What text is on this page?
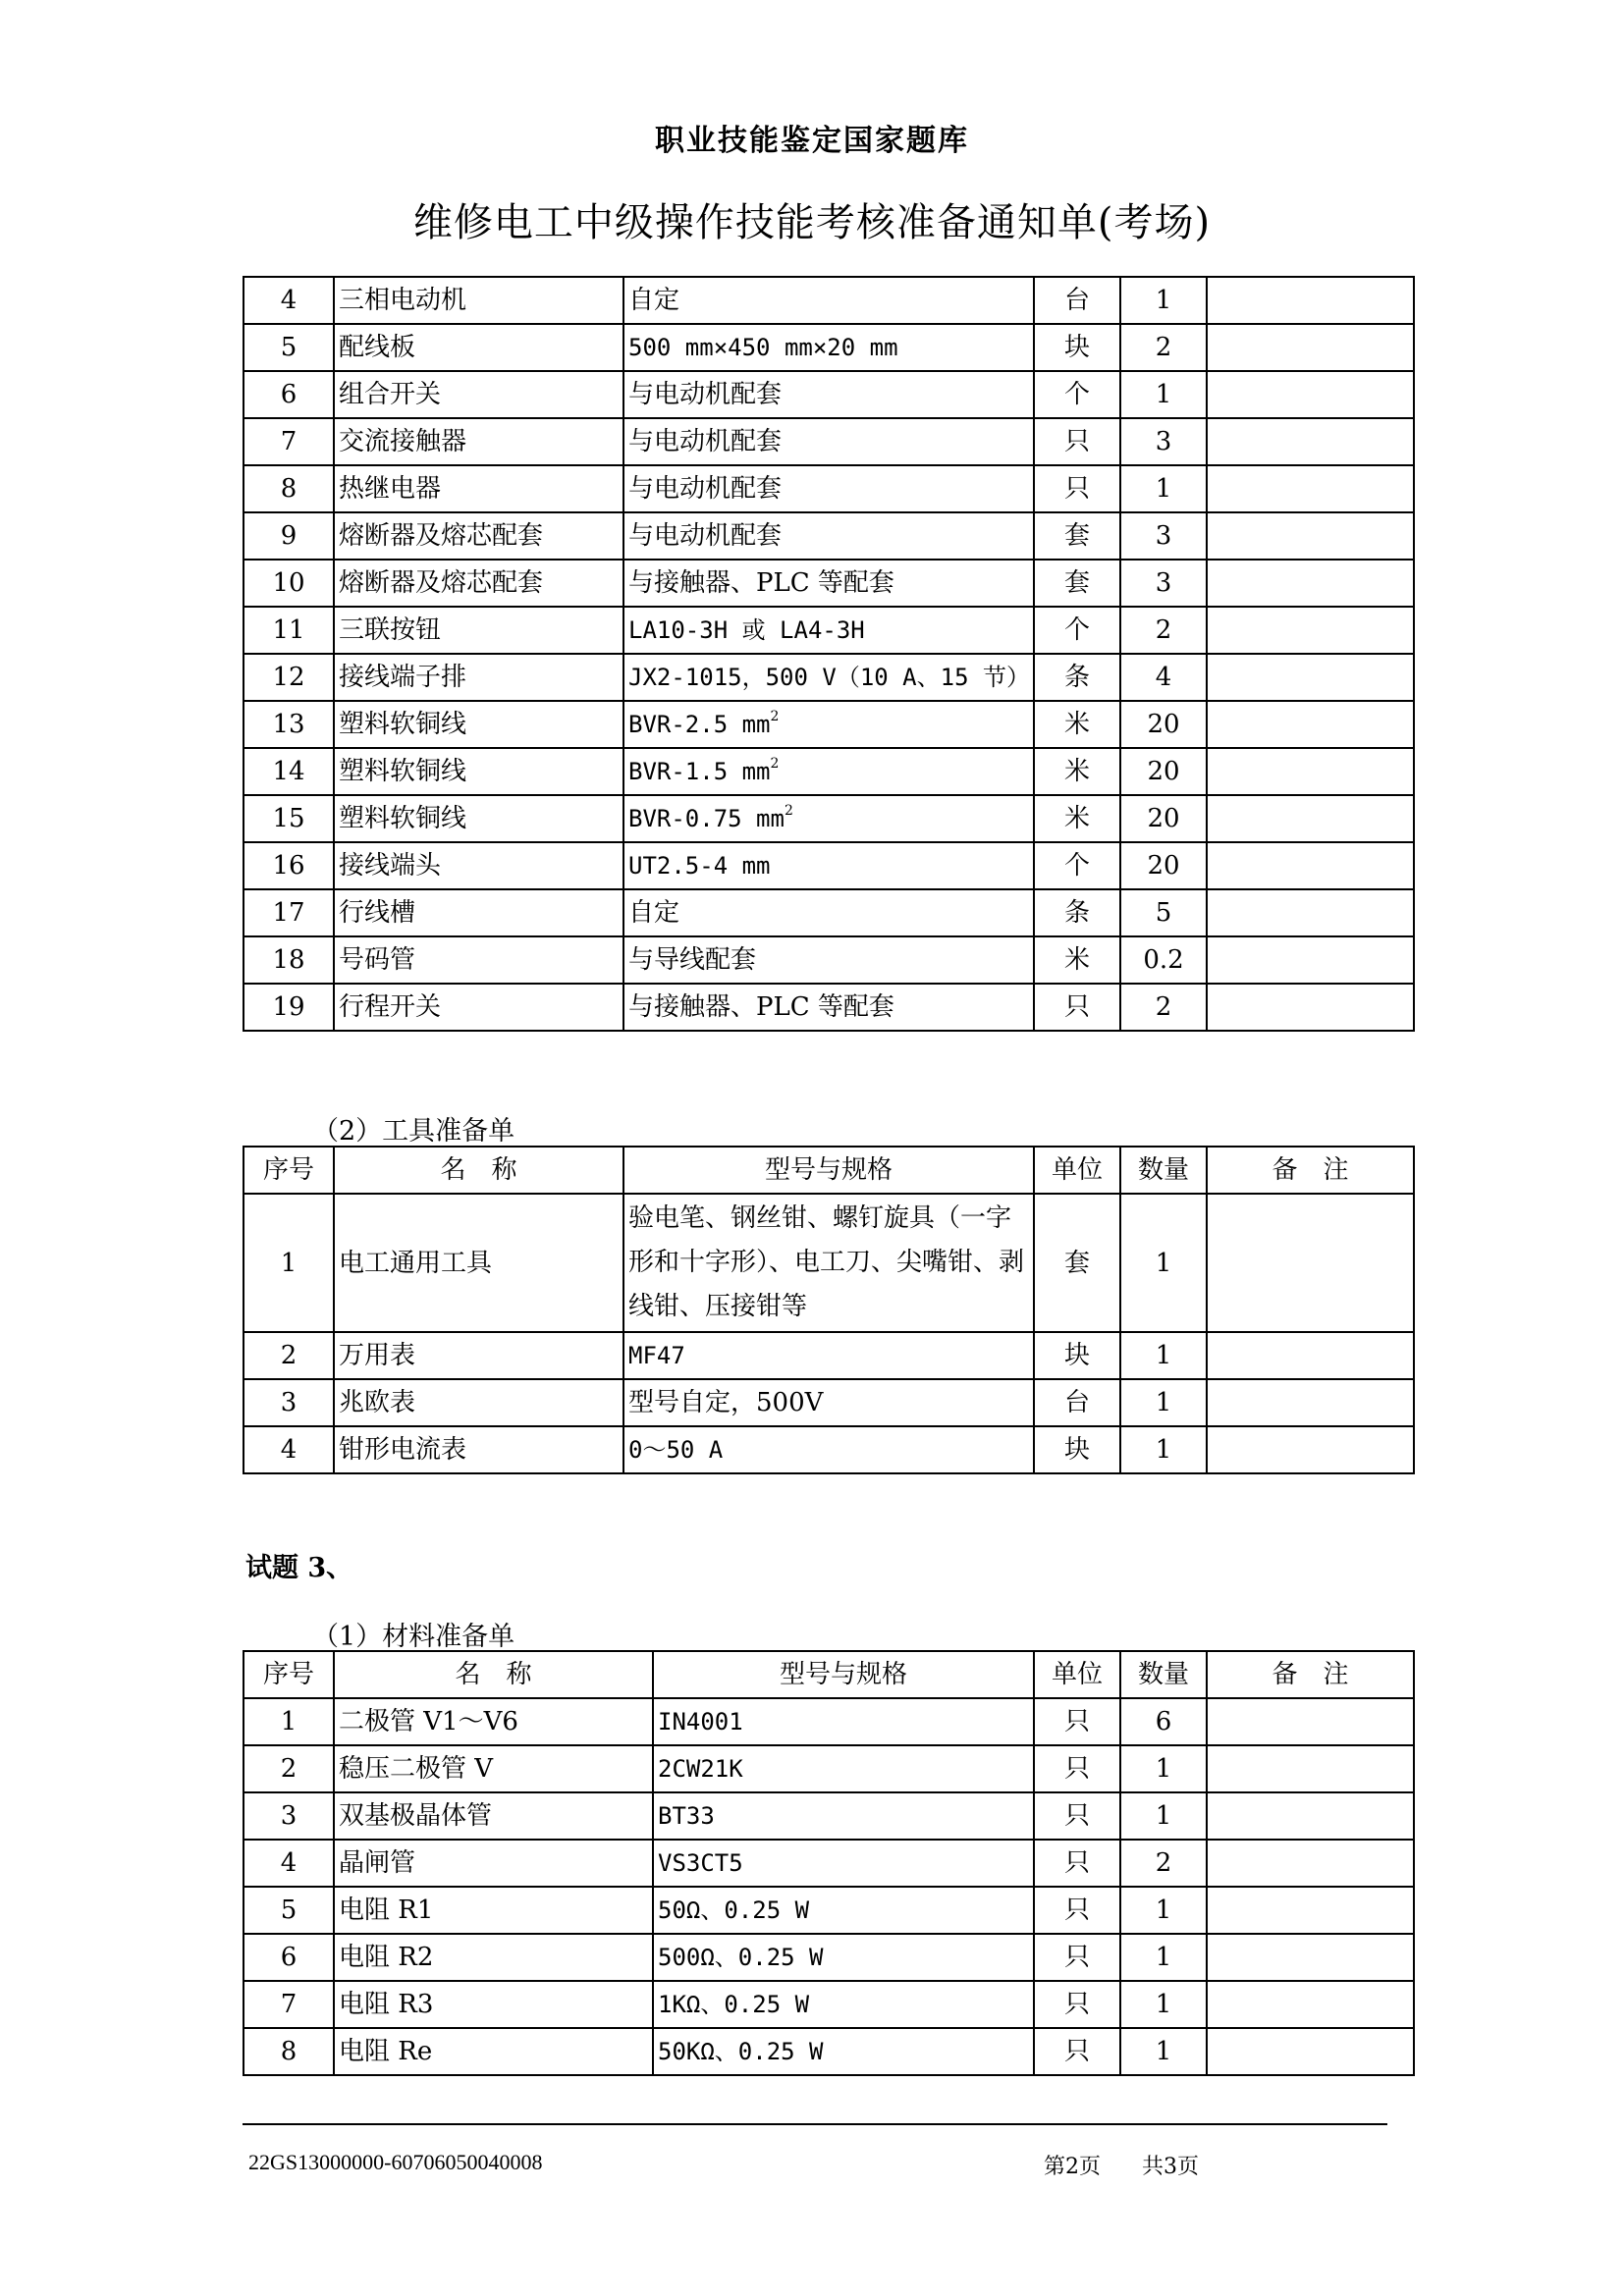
职业技能鉴定国家题库
维修电工中级操作技能考核准备通知单(考场)
4	三相电动机	自定	台	1	
5	配线板	500 mm×450 mm×20 mm	块	2	
6	组合开关	与电动机配套	个	1	
7	交流接触器	与电动机配套	只	3	
8	热继电器	与电动机配套	只	1	
9	熔断器及熔芯配套	与电动机配套	套	3	
10	熔断器及熔芯配套	与接触器、PLC 等配套	套	3	
11	三联按钮	LA10-3H 或 LA4-3H	个	2	
12	接线端子排	JX2-1015，500 V（10 A、15 节）	条	4	
13	塑料软铜线	BVR-2.5 $mm^2$	米	20	
14	塑料软铜线	BVR-1.5 $mm^2$	米	20	
15	塑料软铜线	BVR-0.75 $mm^2$	米	20	
16	接线端头	UT2.5-4 mm	个	20	
17	行线槽	自定	条	5	
18	号码管	与导线配套	米	0.2	
19	行程开关	与接触器、PLC 等配套	只	2	
（2）工具准备单
序号	名　称	型号与规格	单位	数量	备　注
1	电工通用工具	验电笔、钢丝钳、螺钉旋具（一字形和十字形）、电工刀、尖嘴钳、剥线钳、压接钳等	套	1	
2	万用表	MF47	块	1	
3	兆欧表	型号自定，500V	台	1	
4	钳形电流表	0～50 A	块	1	
试题 3、
（1）材料准备单
序号	名　称	型号与规格	单位	数量	备　注
1	二极管 V1～V6	IN4001	只	6	
2	稳压二极管 V	2CW21K	只	1	
3	双基极晶体管	BT33	只	1	
4	晶闸管	VS3CT5	只	2	
5	电阻 R1	50Ω、0.25 W	只	1	
6	电阻 R2	500Ω、0.25 W	只	1	
7	电阻 R3	1KΩ、0.25 W	只	1	
8	电阻 Re	50KΩ、0.25 W	只	1	
22GS13000000-60706050040008	第2页 共3页
